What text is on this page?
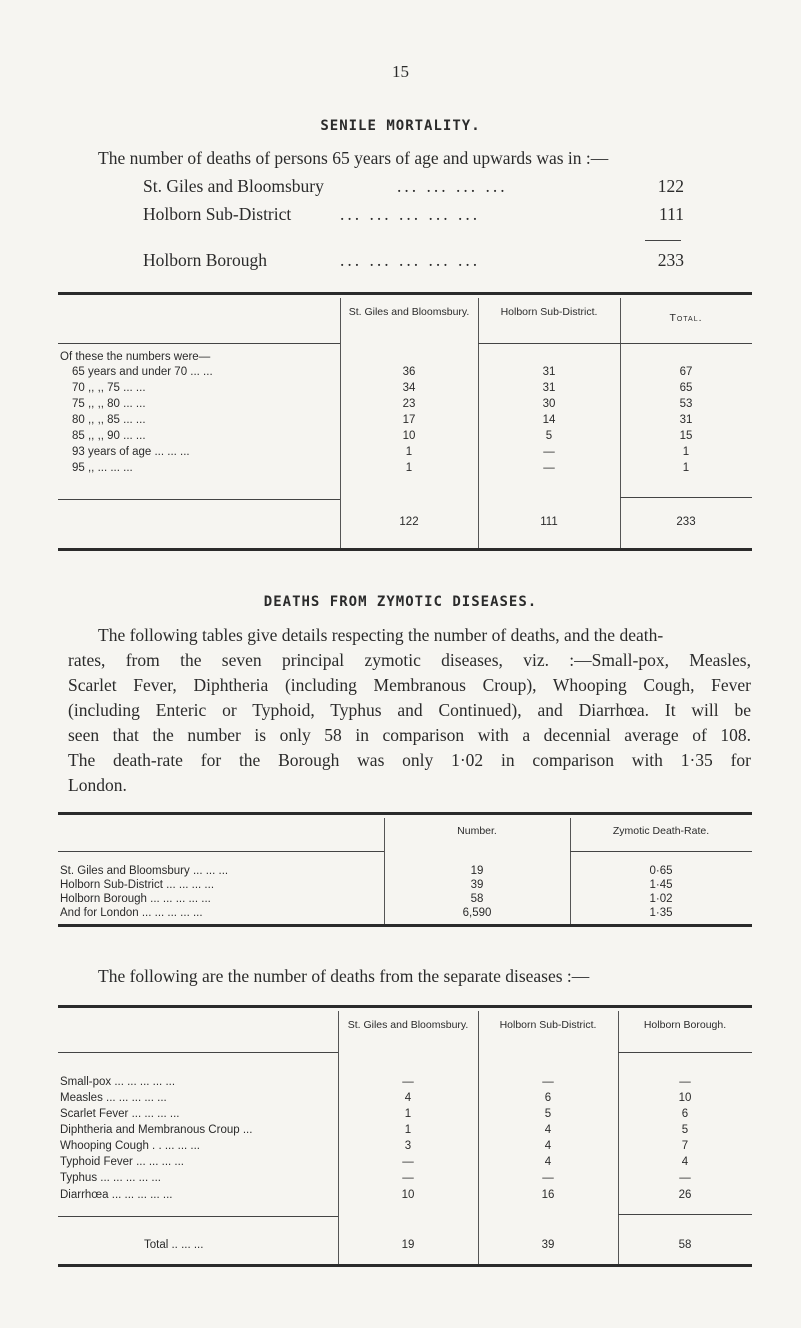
15
SENILE MORTALITY.
The number of deaths of persons 65 years of age and upwards was in :—
St. Giles and Bloomsbury	... ... ... ...	122
Holborn Sub-District	... ... ... ... ...	111
Holborn Borough	... ... ... ... ...	233
St. Giles and Bloomsbury.	Holborn Sub-District.	Total.
Of these the numbers were—
65 years and under 70 ... ...	36	31	67
70 ,, ,, 75 ... ...	34	31	65
75 ,, ,, 80 ... ...	23	30	53
80 ,, ,, 85 ... ...	17	14	31
85 ,, ,, 90 ... ...	10	5	15
93 years of age ... ... ...	1	—	1
95 ,, ... ... ...	1	—	1
122	111	233
DEATHS FROM ZYMOTIC DISEASES.
The following tables give details respecting the number of deaths, and the death-
rates, from the seven principal zymotic diseases, viz. :—Small-pox, Measles,
Scarlet Fever, Diphtheria (including Membranous Croup), Whooping Cough, Fever
(including Enteric or Typhoid, Typhus and Continued), and Diarrhœa. It will be
seen that the number is only 58 in comparison with a decennial average of 108.
The death-rate for the Borough was only 1·02 in comparison with 1·35 for
London.
Number.	Zymotic Death-Rate.
St. Giles and Bloomsbury ... ... ...	19	0·65
Holborn Sub-District ... ... ... ...	39	1·45
Holborn Borough ... ... ... ... ...	58	1·02
And for London ... ... ... ... ...	6,590	1·35
The following are the number of deaths from the separate diseases :—
St. Giles and Bloomsbury.	Holborn Sub-District.	Holborn Borough.
Small-pox ... ... ... ... ...	—	—	—
Measles ... ... ... ... ...	4	6	10
Scarlet Fever ... ... ... ...	1	5	6
Diphtheria and Membranous Croup ...	1	4	5
Whooping Cough . . ... ... ...	3	4	7
Typhoid Fever ... ... ... ...	—	4	4
Typhus ... ... ... ... ...	—	—	—
Diarrhœa ... ... ... ... ...	10	16	26
Total .. ... ...	19	39	58
